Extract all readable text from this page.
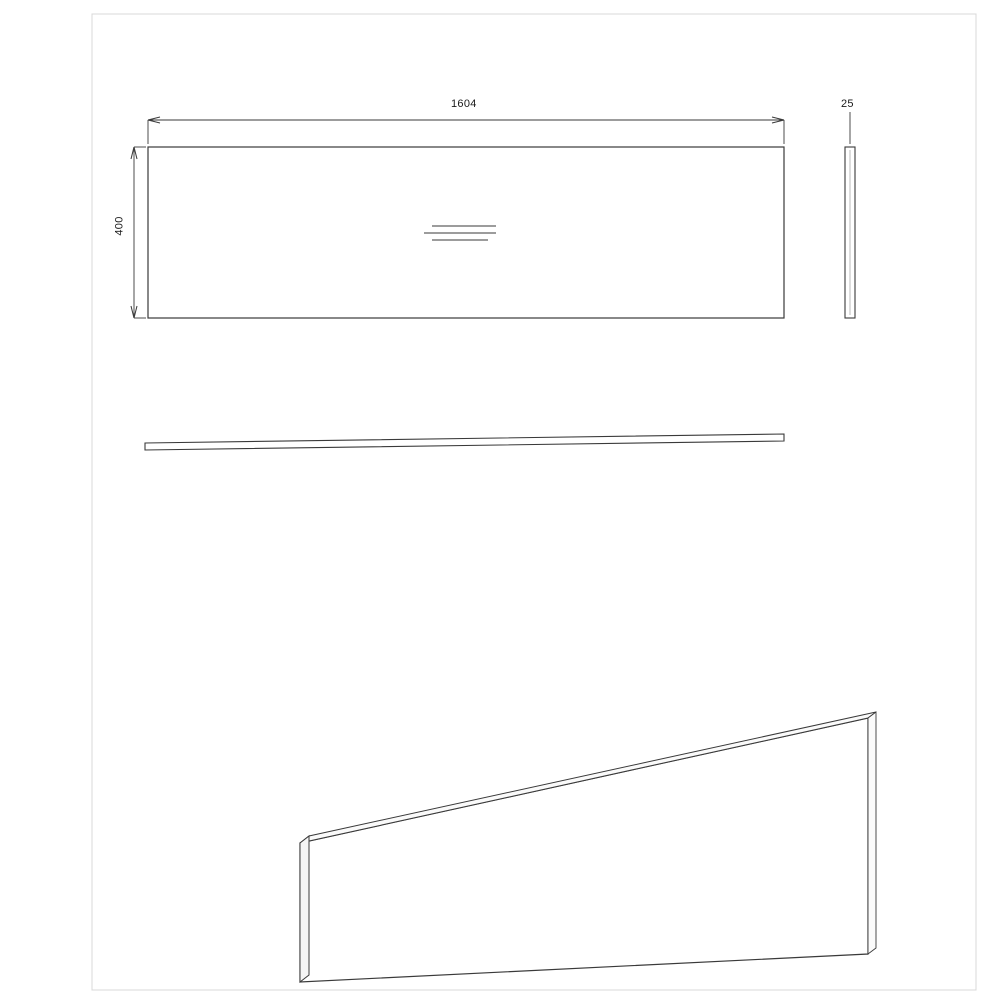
1604	25
400
